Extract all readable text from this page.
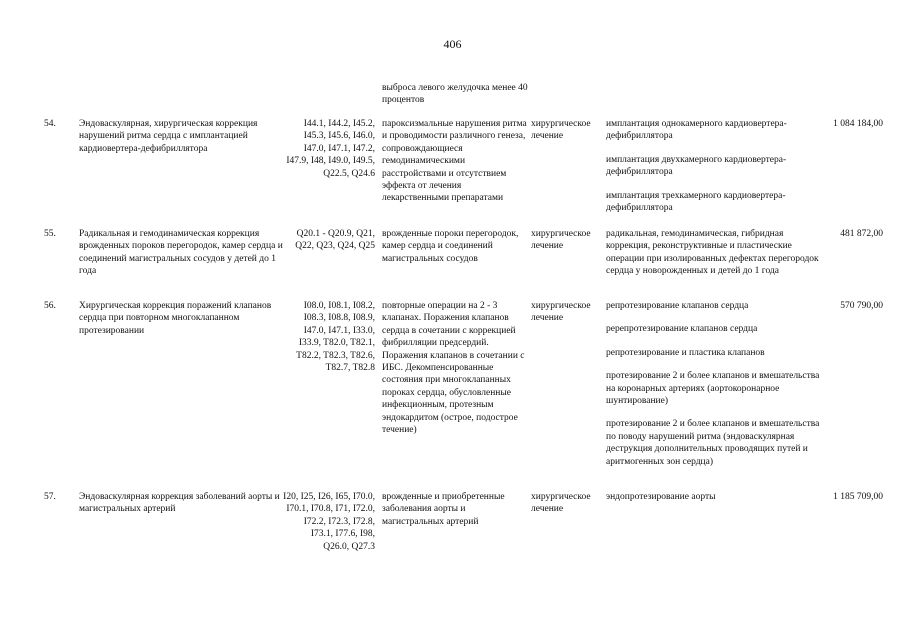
406
выброса левого желудочка менее 40 процентов
54. Эндоваскулярная, хирургическая коррекция нарушений ритма сердца с имплантацией кардиовертера-дефибриллятора
I44.1, I44.2, I45.2, I45.3, I45.6, I46.0, I47.0, I47.1, I47.2, I47.9, I48, I49.0, I49.5, Q22.5, Q24.6
пароксизмальные нарушения ритма и проводимости различного генеза, сопровождающиеся гемодинамическими расстройствами и отсутствием эффекта от лечения лекарственными препаратами
хирургическое лечение
имплантация однокамерного кардиовертера-дефибриллятора
имплантация двухкамерного кардиовертера-дефибриллятора
имплантация трехкамерного кардиовертера-дефибриллятора
1 084 184,00
55. Радикальная и гемодинамическая коррекция врожденных пороков перегородок, камер сердца и соединений магистральных сосудов у детей до 1 года
Q20.1 - Q20.9, Q21, Q22, Q23, Q24, Q25
врожденные пороки перегородок, камер сердца и соединений магистральных сосудов
хирургическое лечение
радикальная, гемодинамическая, гибридная коррекция, реконструктивные и пластические операции при изолированных дефектах перегородок сердца у новорожденных и детей до 1 года
481 872,00
56. Хирургическая коррекция поражений клапанов сердца при повторном многоклапанном протезировании
I08.0, I08.1, I08.2, I08.3, I08.8, I08.9, I47.0, I47.1, I33.0, I33.9, T82.0, T82.1, T82.2, T82.3, T82.6, T82.7, T82.8
повторные операции на 2 - 3 клапанах. Поражения клапанов сердца в сочетании с коррекцией фибрилляции предсердий. Поражения клапанов в сочетании с ИБС. Декомпенсированные состояния при многоклапанных пороках сердца, обусловленные инфекционным, протезным эндокардитом (острое, подострое течение)
хирургическое лечение
репротезирование клапанов сердца
ререпротезирование клапанов сердца
репротезирование и пластика клапанов
протезирование 2 и более клапанов и вмешательства на коронарных артериях (аортокоронарное шунтирование)
протезирование 2 и более клапанов и вмешательства по поводу нарушений ритма (эндоваскулярная деструкция дополнительных проводящих путей и аритмогенных зон сердца)
570 790,00
57. Эндоваскулярная коррекция заболеваний аорты и магистральных артерий
I20, I25, I26, I65, I70.0, I70.1, I70.8, I71, I72.0, I72.2, I72.3, I72.8, I73.1, I77.6, I98, Q26.0, Q27.3
врожденные и приобретенные заболевания аорты и магистральных артерий
хирургическое лечение
эндопротезирование аорты	1 185 709,00
